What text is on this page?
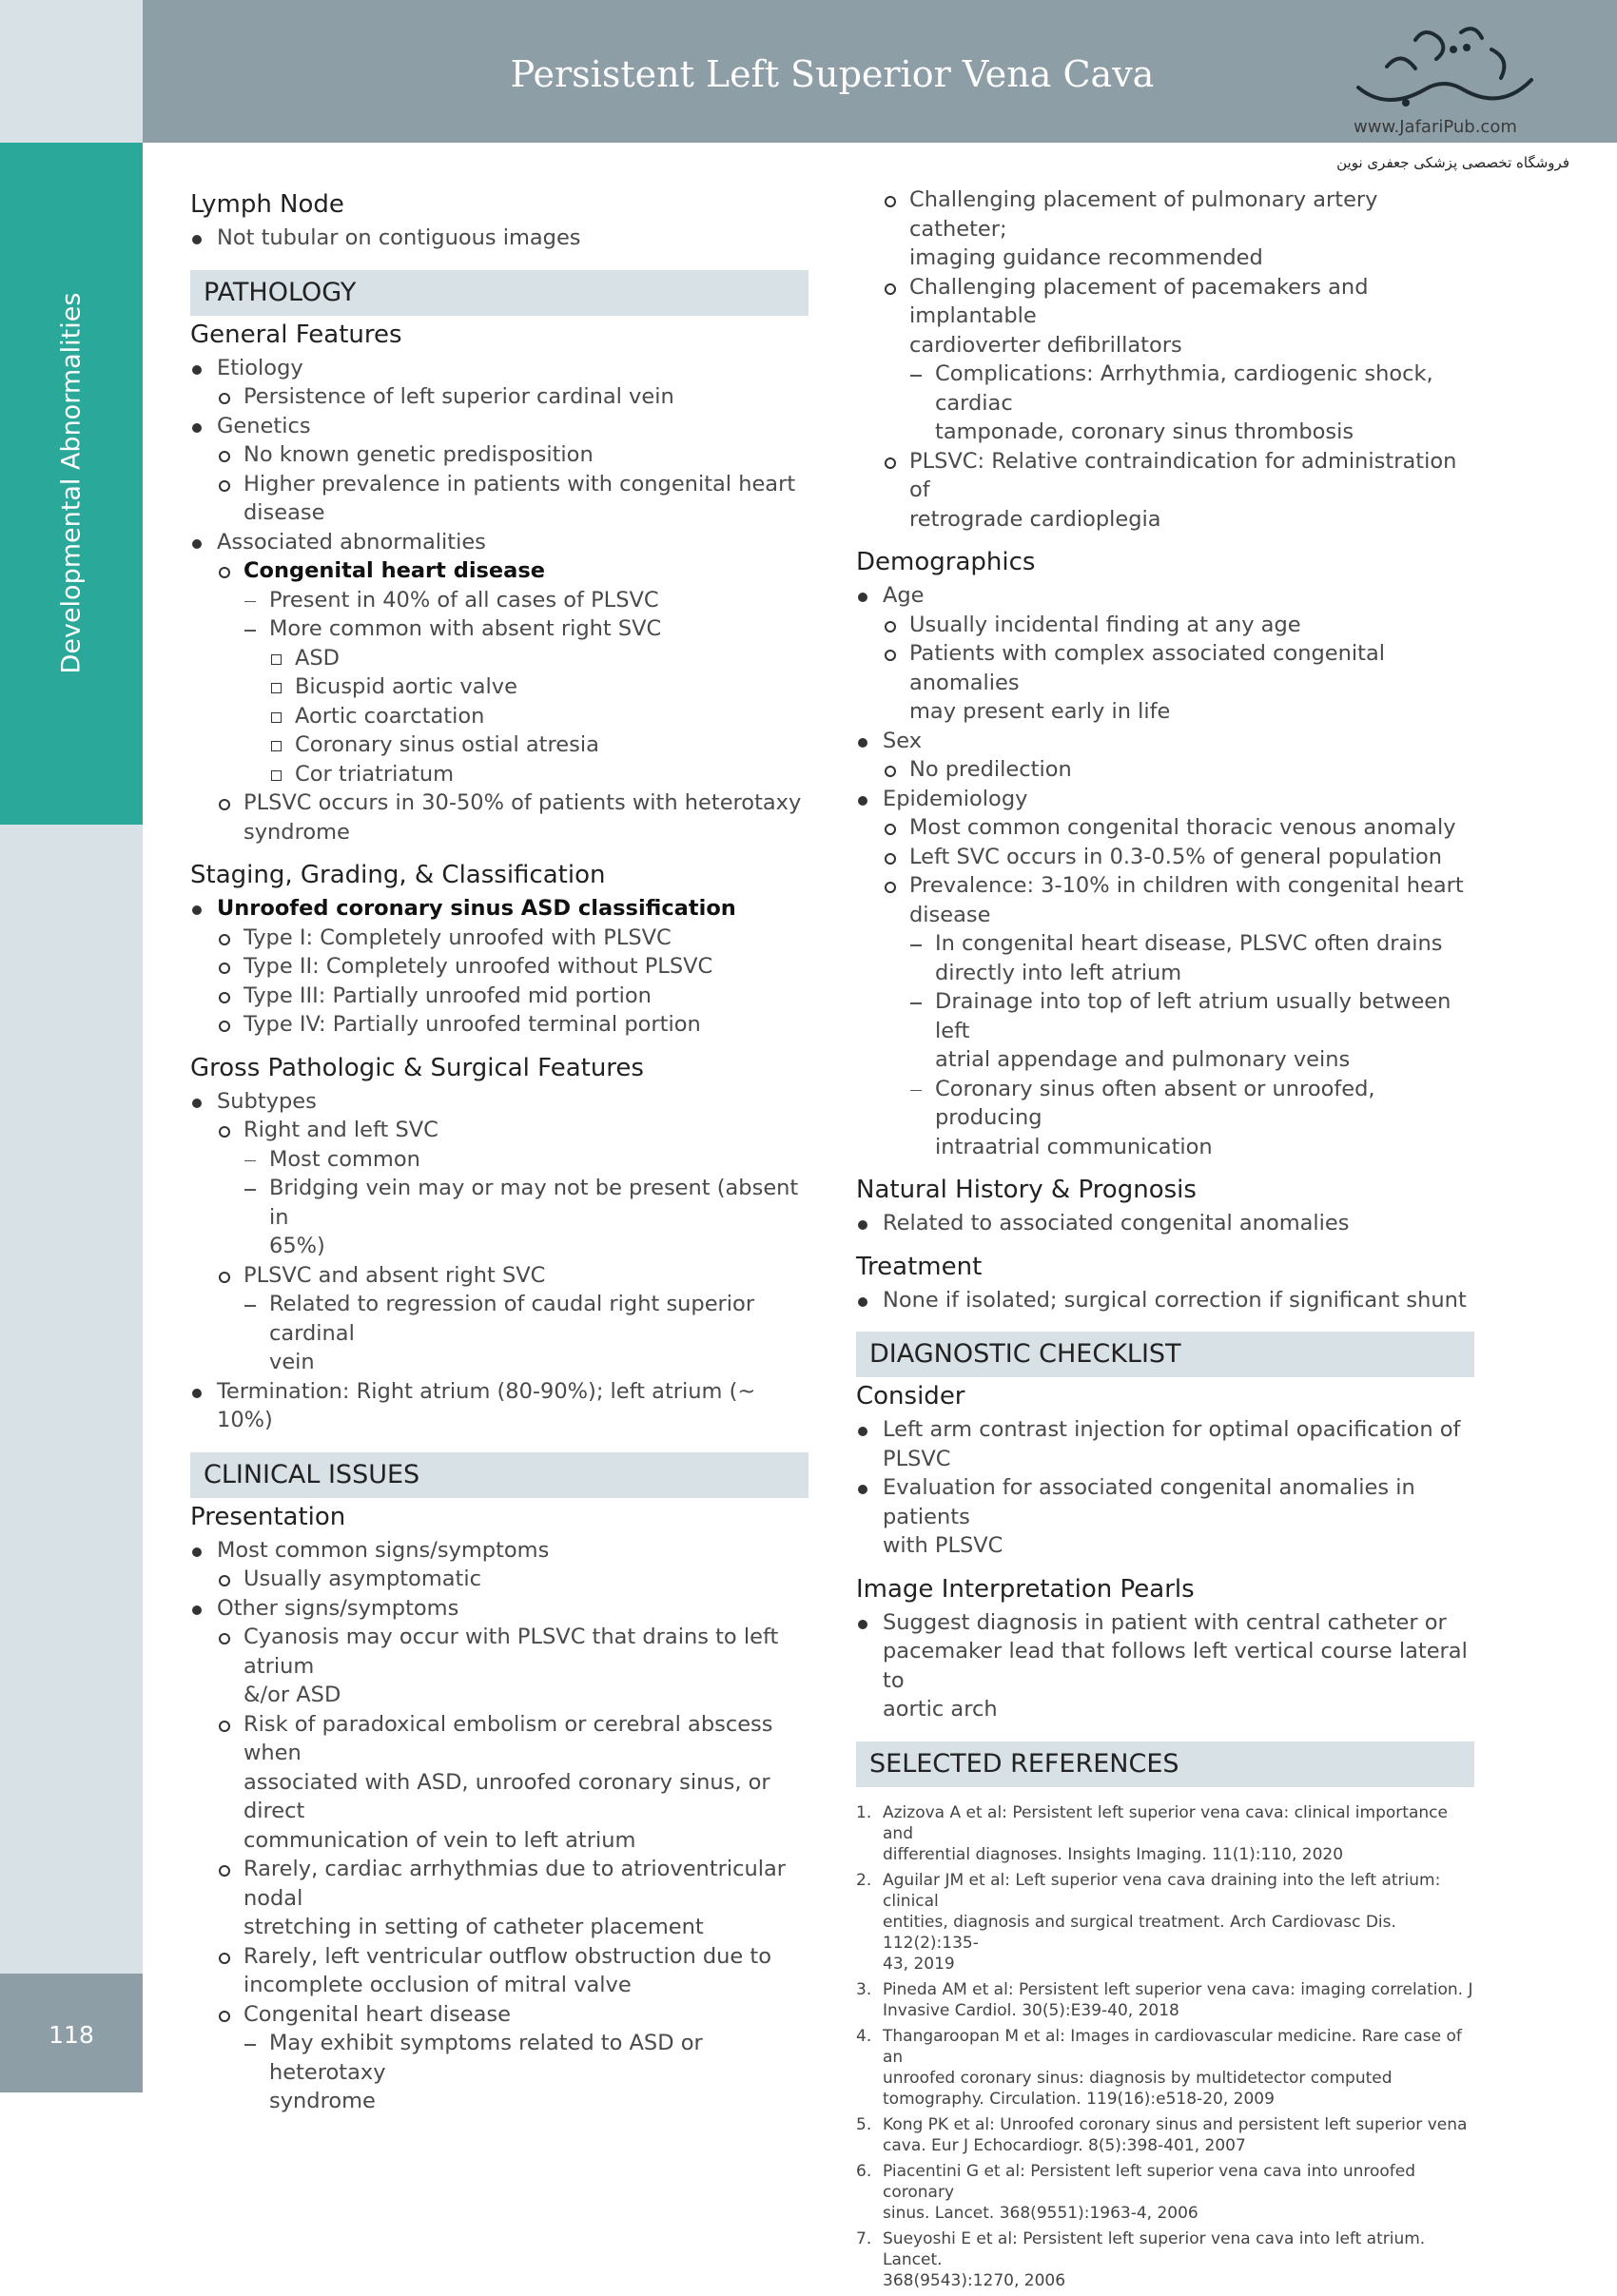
Developmental Abnormalities
118
Persistent Left Superior Vena Cava
www.JafariPub.com
فروشگاه تخصصی پزشکی جعفری نوین
Lymph Node
Not tubular on contiguous images
PATHOLOGY
General Features
Etiology
Persistence of left superior cardinal vein
Genetics
No known genetic predisposition
Higher prevalence in patients with congenital heart
disease
Associated abnormalities
Congenital heart disease
Present in 40% of all cases of PLSVC
More common with absent right SVC
ASD
Bicuspid aortic valve
Aortic coarctation
Coronary sinus ostial atresia
Cor triatriatum
PLSVC occurs in 30-50% of patients with heterotaxy
syndrome
Staging, Grading, & Classification
Unroofed coronary sinus ASD classification
Type I: Completely unroofed with PLSVC
Type II: Completely unroofed without PLSVC
Type III: Partially unroofed mid portion
Type IV: Partially unroofed terminal portion
Gross Pathologic & Surgical Features
Subtypes
Right and left SVC
Most common
Bridging vein may or may not be present (absent in
65%)
PLSVC and absent right SVC
Related to regression of caudal right superior cardinal
vein
Termination: Right atrium (80-90%); left atrium (~ 10%)
CLINICAL ISSUES
Presentation
Most common signs/symptoms
Usually asymptomatic
Other signs/symptoms
Cyanosis may occur with PLSVC that drains to left atrium
&/or ASD
Risk of paradoxical embolism or cerebral abscess when
associated with ASD, unroofed coronary sinus, or direct
communication of vein to left atrium
Rarely, cardiac arrhythmias due to atrioventricular nodal
stretching in setting of catheter placement
Rarely, left ventricular outflow obstruction due to
incomplete occlusion of mitral valve
Congenital heart disease
May exhibit symptoms related to ASD or heterotaxy
syndrome
Challenging placement of pulmonary artery catheter;
imaging guidance recommended
Challenging placement of pacemakers and implantable
cardioverter defibrillators
Complications: Arrhythmia, cardiogenic shock, cardiac
tamponade, coronary sinus thrombosis
PLSVC: Relative contraindication for administration of
retrograde cardioplegia
Demographics
Age
Usually incidental finding at any age
Patients with complex associated congenital anomalies
may present early in life
Sex
No predilection
Epidemiology
Most common congenital thoracic venous anomaly
Left SVC occurs in 0.3-0.5% of general population
Prevalence: 3-10% in children with congenital heart
disease
In congenital heart disease, PLSVC often drains
directly into left atrium
Drainage into top of left atrium usually between left
atrial appendage and pulmonary veins
Coronary sinus often absent or unroofed, producing
intraatrial communication
Natural History & Prognosis
Related to associated congenital anomalies
Treatment
None if isolated; surgical correction if significant shunt
DIAGNOSTIC CHECKLIST
Consider
Left arm contrast injection for optimal opacification of
PLSVC
Evaluation for associated congenital anomalies in patients
with PLSVC
Image Interpretation Pearls
Suggest diagnosis in patient with central catheter or
pacemaker lead that follows left vertical course lateral to
aortic arch
SELECTED REFERENCES
1. Azizova A et al: Persistent left superior vena cava: clinical importance and
differential diagnoses. Insights Imaging. 11(1):110, 2020
2. Aguilar JM et al: Left superior vena cava draining into the left atrium: clinical
entities, diagnosis and surgical treatment. Arch Cardiovasc Dis. 112(2):135-
43, 2019
3. Pineda AM et al: Persistent left superior vena cava: imaging correlation. J
Invasive Cardiol. 30(5):E39-40, 2018
4. Thangaroopan M et al: Images in cardiovascular medicine. Rare case of an
unroofed coronary sinus: diagnosis by multidetector computed
tomography. Circulation. 119(16):e518-20, 2009
5. Kong PK et al: Unroofed coronary sinus and persistent left superior vena
cava. Eur J Echocardiogr. 8(5):398-401, 2007
6. Piacentini G et al: Persistent left superior vena cava into unroofed coronary
sinus. Lancet. 368(9551):1963-4, 2006
7. Sueyoshi E et al: Persistent left superior vena cava into left atrium. Lancet.
368(9543):1270, 2006
